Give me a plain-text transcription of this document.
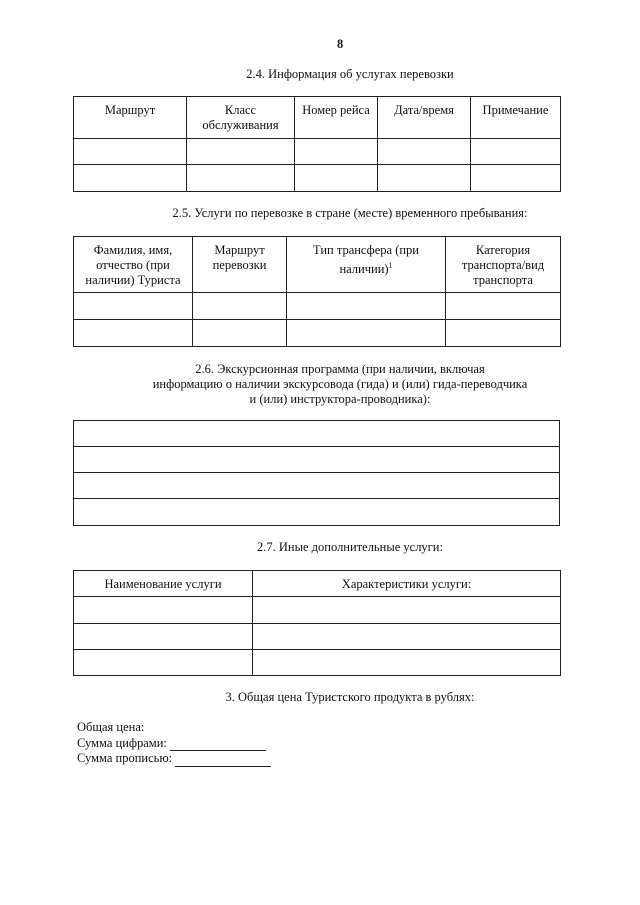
8
2.4. Информация об услугах перевозки
Маршрут	Класс обслуживания	Номер рейса	Дата/время	Примечание

2.5. Услуги по перевозке в стране (месте) временного пребывания:
Фамилия, имя, отчество (при наличии) Туриста	Маршрут перевозки	Тип трансфера (при наличии)$^1$	Категория транспорта/вид транспорта

2.6. Экскурсионная программа (при наличии, включая
информацию о наличии экскурсовода (гида) и (или) гида-переводчика
и (или) инструктора-проводника):

2.7. Иные дополнительные услуги:
Наименование услуги	Характеристики услуги:

3. Общая цена Туристского продукта в рублях:
Общая цена:
Сумма цифрами:
Сумма прописью:
